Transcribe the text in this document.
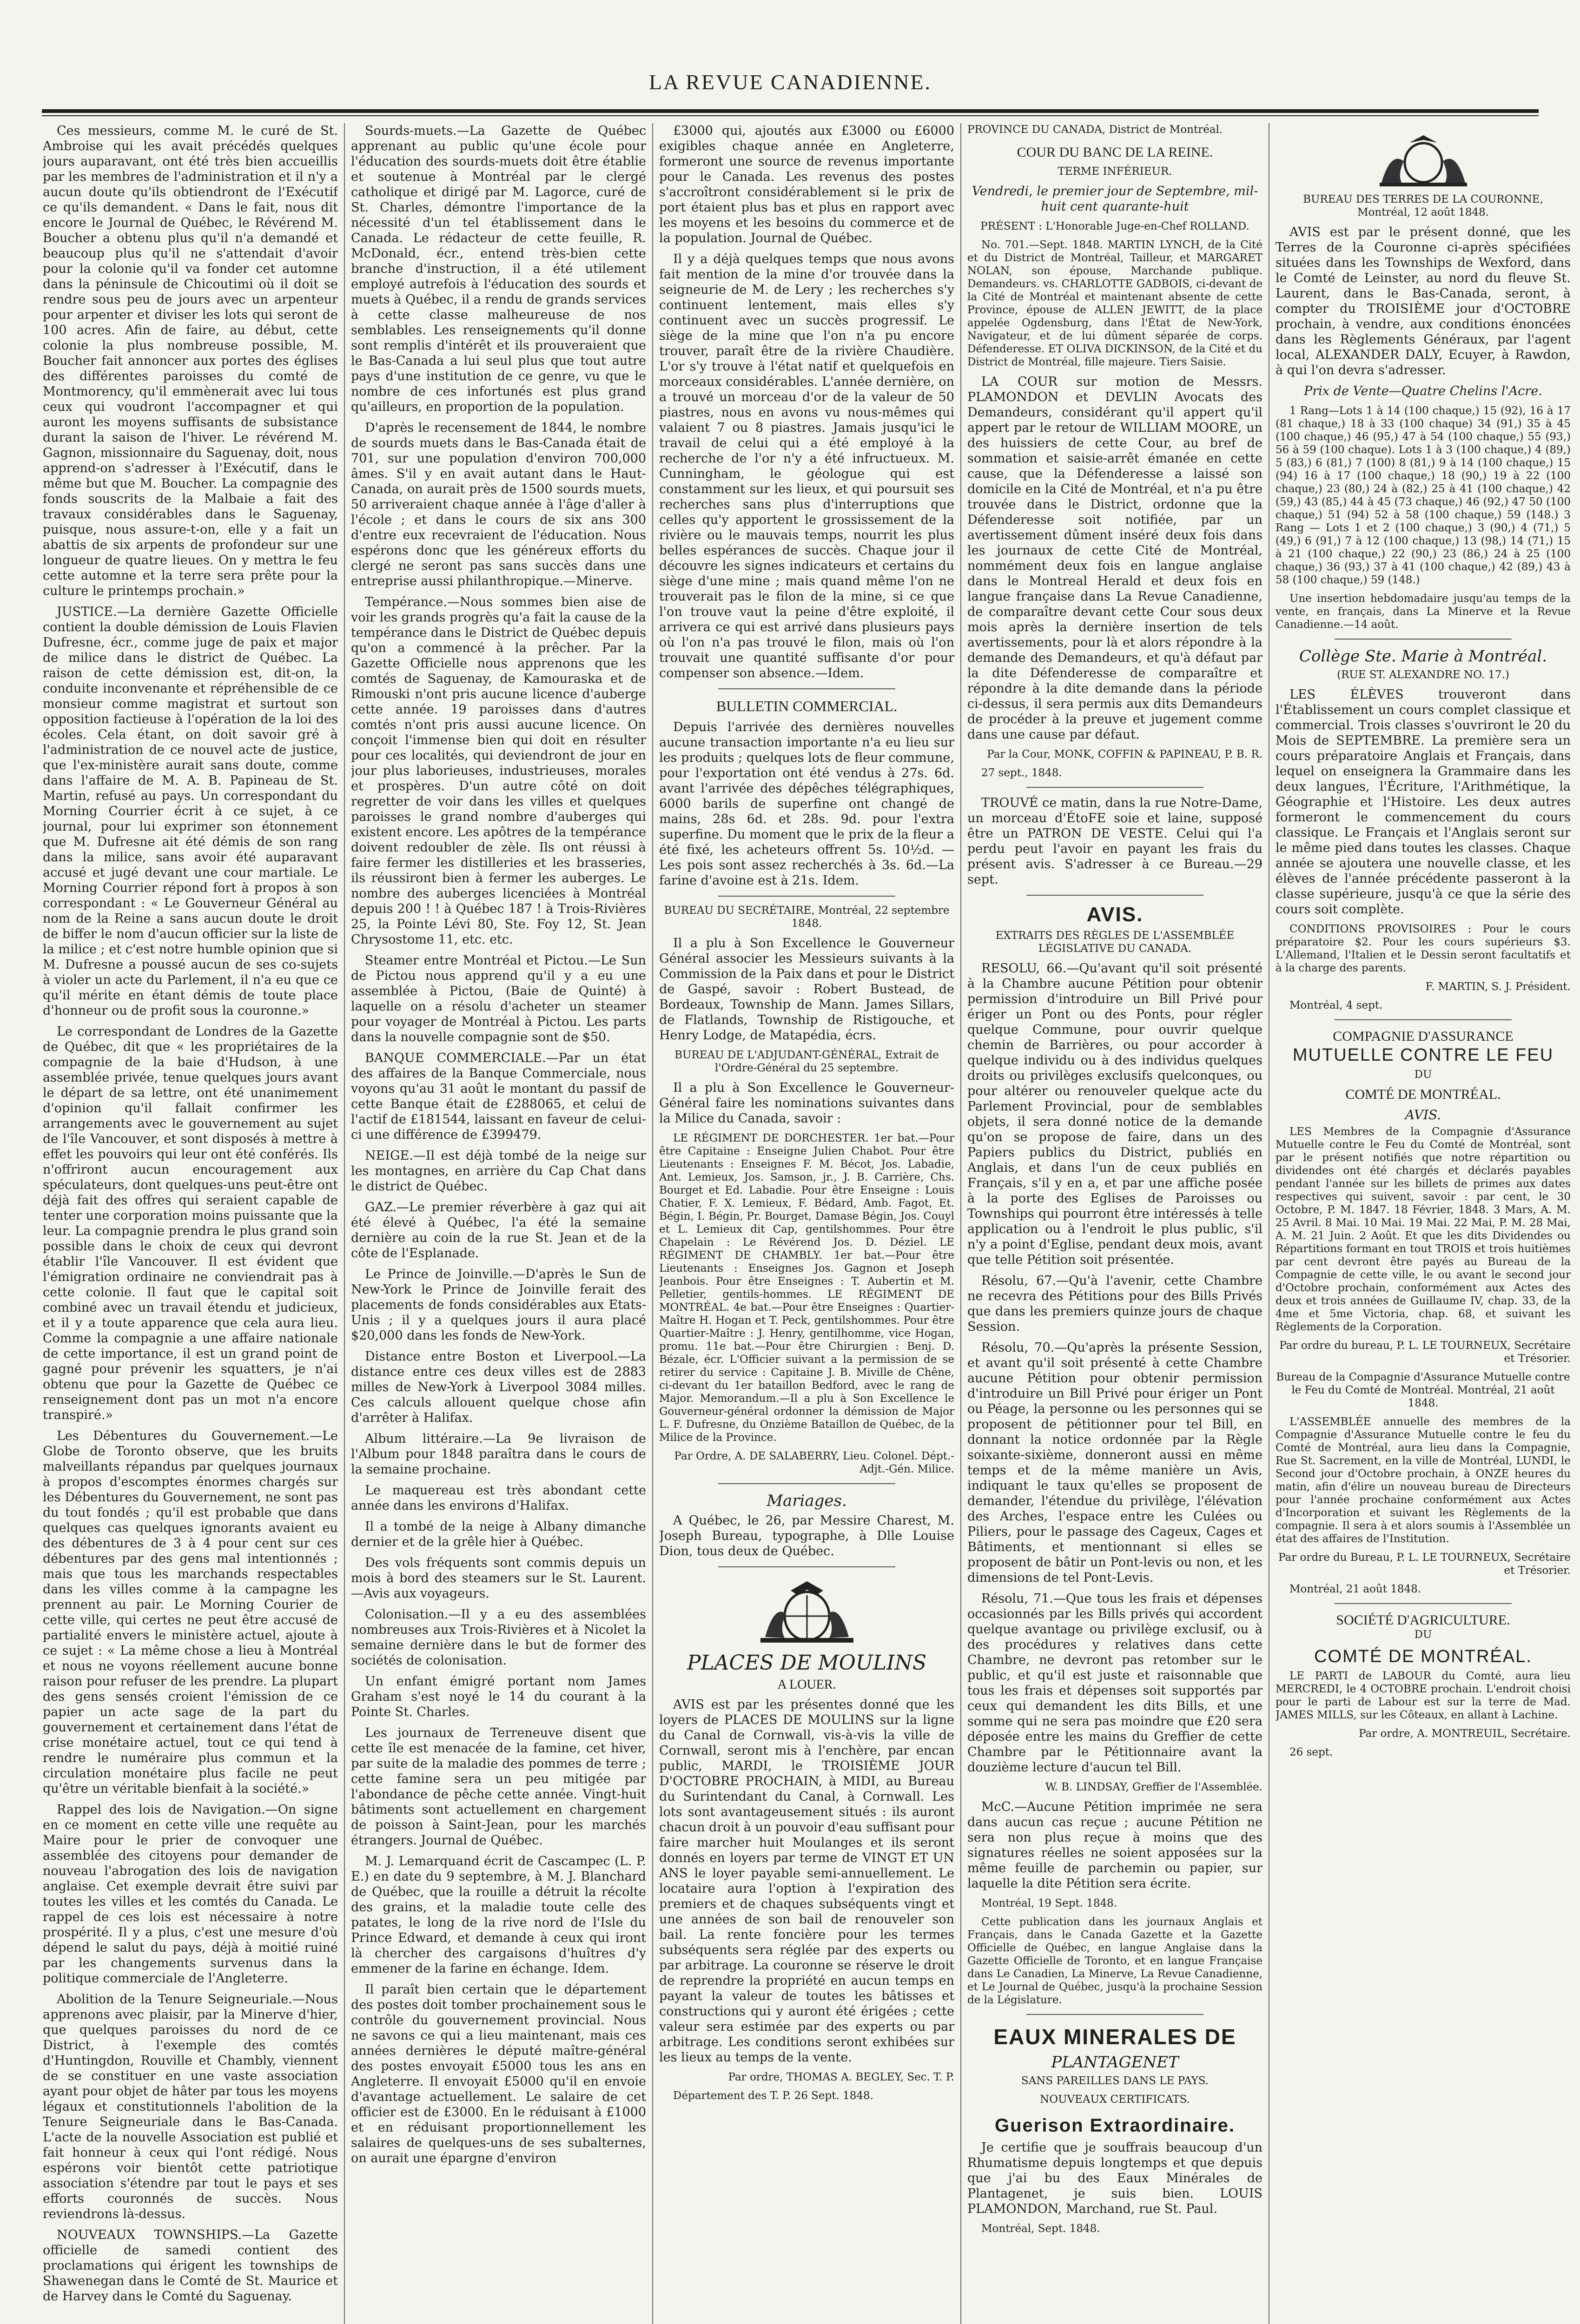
LA REVUE CANADIENNE.

Ces messieurs, comme M. le curé de St. Ambroise qui les avait précédés quelques jours auparavant, ont été très bien accueillis par les membres de l'administration et il n'y a aucun doute qu'ils obtiendront de l'Exécutif ce qu'ils demandent. « Dans le fait, nous dit encore le Journal de Québec, le Révérend M. Boucher a obtenu plus qu'il n'a demandé et beaucoup plus qu'il ne s'attendait d'avoir pour la colonie qu'il va fonder cet automne dans la péninsule de Chicoutimi où il doit se rendre sous peu de jours avec un arpenteur pour arpenter et diviser les lots qui seront de 100 acres. Afin de faire, au début, cette colonie la plus nombreuse possible, M. Boucher fait annoncer aux portes des églises des différentes paroisses du comté de Montmorency, qu'il emmènerait avec lui tous ceux qui voudront l'accompagner et qui auront les moyens suffisants de subsistance durant la saison de l'hiver. Le révérend M. Gagnon, missionnaire du Saguenay, doit, nous apprend-on s'adresser à l'Exécutif, dans le même but que M. Boucher. La compagnie des fonds souscrits de la Malbaie a fait des travaux considérables dans le Saguenay, puisque, nous assure-t-on, elle y a fait un abattis de six arpents de profondeur sur une longueur de quatre lieues. On y mettra le feu cette automne et la terre sera prête pour la culture le printemps prochain.»

JUSTICE.—La dernière Gazette Officielle contient la double démission de Louis Flavien Dufresne, écr., comme juge de paix et major de milice dans le district de Québec. La raison de cette démission est, dit-on, la conduite inconvenante et répréhensible de ce monsieur comme magistrat et surtout son opposition factieuse à l'opération de la loi des écoles. Cela étant, on doit savoir gré à l'administration de ce nouvel acte de justice, que l'ex-ministère aurait sans doute, comme dans l'affaire de M. A. B. Papineau de St. Martin, refusé au pays. Un correspondant du Morning Courrier écrit à ce sujet, à ce journal, pour lui exprimer son étonnement que M. Dufresne ait été démis de son rang dans la milice, sans avoir été auparavant accusé et jugé devant une cour martiale. Le Morning Courrier répond fort à propos à son correspondant : « Le Gouverneur Général au nom de la Reine a sans aucun doute le droit de biffer le nom d'aucun officier sur la liste de la milice ; et c'est notre humble opinion que si M. Dufresne a poussé aucun de ses co-sujets à violer un acte du Parlement, il n'a eu que ce qu'il mérite en étant démis de toute place d'honneur ou de profit sous la couronne.»

Le correspondant de Londres de la Gazette de Québec, dit que « les propriétaires de la compagnie de la baie d'Hudson, à une assemblée privée, tenue quelques jours avant le départ de sa lettre, ont été unanimement d'opinion qu'il fallait confirmer les arrangements avec le gouvernement au sujet de l'île Vancouver, et sont disposés à mettre à effet les pouvoirs qui leur ont été conférés. Ils n'offriront aucun encouragement aux spéculateurs, dont quelques-uns peut-être ont déjà fait des offres qui seraient capable de tenter une corporation moins puissante que la leur. La compagnie prendra le plus grand soin possible dans le choix de ceux qui devront établir l'île Vancouver. Il est évident que l'émigration ordinaire ne conviendrait pas à cette colonie. Il faut que le capital soit combiné avec un travail étendu et judicieux, et il y a toute apparence que cela aura lieu. Comme la compagnie a une affaire nationale de cette importance, il est un grand point de gagné pour prévenir les squatters, je n'ai obtenu que pour la Gazette de Québec ce renseignement dont pas un mot n'a encore transpiré.»

Les Débentures du Gouvernement.—Le Globe de Toronto observe, que les bruits malveillants répandus par quelques journaux à propos d'escomptes énormes chargés sur les Débentures du Gouvernement, ne sont pas du tout fondés ; qu'il est probable que dans quelques cas quelques ignorants avaient eu des débentures de 3 à 4 pour cent sur ces débentures par des gens mal intentionnés ; mais que tous les marchands respectables dans les villes comme à la campagne les prennent au pair. Le Morning Courier de cette ville, qui certes ne peut être accusé de partialité envers le ministère actuel, ajoute à ce sujet : « La même chose a lieu à Montréal et nous ne voyons réellement aucune bonne raison pour refuser de les prendre. La plupart des gens sensés croient l'émission de ce papier un acte sage de la part du gouvernement et certainement dans l'état de crise monétaire actuel, tout ce qui tend à rendre le numéraire plus commun et la circulation monétaire plus facile ne peut qu'être un véritable bienfait à la société.»

Rappel des lois de Navigation.—On signe en ce moment en cette ville une requête au Maire pour le prier de convoquer une assemblée des citoyens pour demander de nouveau l'abrogation des lois de navigation anglaise. Cet exemple devrait être suivi par toutes les villes et les comtés du Canada. Le rappel de ces lois est nécessaire à notre prospérité. Il y a plus, c'est une mesure d'où dépend le salut du pays, déjà à moitié ruiné par les changements survenus dans la politique commerciale de l'Angleterre.

Abolition de la Tenure Seigneuriale.—Nous apprenons avec plaisir, par la Minerve d'hier, que quelques paroisses du nord de ce District, à l'exemple des comtés d'Huntingdon, Rouville et Chambly, viennent de se constituer en une vaste association ayant pour objet de hâter par tous les moyens légaux et constitutionnels l'abolition de la Tenure Seigneuriale dans le Bas-Canada. L'acte de la nouvelle Association est publié et fait honneur à ceux qui l'ont rédigé. Nous espérons voir bientôt cette patriotique association s'étendre par tout le pays et ses efforts couronnés de succès. Nous reviendrons là-dessus.

NOUVEAUX TOWNSHIPS.—La Gazette officielle de samedi contient des proclamations qui érigent les townships de Shawenegan dans le Comté de St. Maurice et de Harvey dans le Comté du Saguenay.

Sourds-muets.—La Gazette de Québec apprenant au public qu'une école pour l'éducation des sourds-muets doit être établie et soutenue à Montréal par le clergé catholique et dirigé par M. Lagorce, curé de St. Charles, démontre l'importance de la nécessité d'un tel établissement dans le Canada. Le rédacteur de cette feuille, R. McDonald, écr., entend très-bien cette branche d'instruction, il a été utilement employé autrefois à l'éducation des sourds et muets à Québec, il a rendu de grands services à cette classe malheureuse de nos semblables. Les renseignements qu'il donne sont remplis d'intérêt et ils prouveraient que le Bas-Canada a lui seul plus que tout autre pays d'une institution de ce genre, vu que le nombre de ces infortunés est plus grand qu'ailleurs, en proportion de la population.

D'après le recensement de 1844, le nombre de sourds muets dans le Bas-Canada était de 701, sur une population d'environ 700,000 âmes. S'il y en avait autant dans le Haut-Canada, on aurait près de 1500 sourds muets, 50 arriveraient chaque année à l'âge d'aller à l'école ; et dans le cours de six ans 300 d'entre eux recevraient de l'éducation. Nous espérons donc que les généreux efforts du clergé ne seront pas sans succès dans une entreprise aussi philanthropique.—Minerve.

Tempérance.—Nous sommes bien aise de voir les grands progrès qu'a fait la cause de la tempérance dans le District de Québec depuis qu'on a commencé à la prêcher. Par la Gazette Officielle nous apprenons que les comtés de Saguenay, de Kamouraska et de Rimouski n'ont pris aucune licence d'auberge cette année. 19 paroisses dans d'autres comtés n'ont pris aussi aucune licence. On conçoit l'immense bien qui doit en résulter pour ces localités, qui deviendront de jour en jour plus laborieuses, industrieuses, morales et prospères. D'un autre côté on doit regretter de voir dans les villes et quelques paroisses le grand nombre d'auberges qui existent encore. Les apôtres de la tempérance doivent redoubler de zèle. Ils ont réussi à faire fermer les distilleries et les brasseries, ils réussiront bien à fermer les auberges. Le nombre des auberges licenciées à Montréal depuis 200 ! ! à Québec 187 ! à Trois-Rivières 25, la Pointe Lévi 80, Ste. Foy 12, St. Jean Chrysostome 11, etc. etc.

Steamer entre Montréal et Pictou.—Le Sun de Pictou nous apprend qu'il y a eu une assemblée à Pictou, (Baie de Quinté) à laquelle on a résolu d'acheter un steamer pour voyager de Montréal à Pictou. Les parts dans la nouvelle compagnie sont de $50.

BANQUE COMMERCIALE.—Par un état des affaires de la Banque Commerciale, nous voyons qu'au 31 août le montant du passif de cette Banque était de £288065, et celui de l'actif de £181544, laissant en faveur de celui-ci une différence de £399479.

NEIGE.—Il est déjà tombé de la neige sur les montagnes, en arrière du Cap Chat dans le district de Québec.

GAZ.—Le premier réverbère à gaz qui ait été élevé à Québec, l'a été la semaine dernière au coin de la rue St. Jean et de la côte de l'Esplanade.

Le Prince de Joinville.—D'après le Sun de New-York le Prince de Joinville ferait des placements de fonds considérables aux Etats-Unis ; il y a quelques jours il aura placé $20,000 dans les fonds de New-York.

Distance entre Boston et Liverpool.—La distance entre ces deux villes est de 2883 milles de New-York à Liverpool 3084 milles. Ces calculs allouent quelque chose afin d'arrêter à Halifax.

Album littéraire.—La 9e livraison de l'Album pour 1848 paraîtra dans le cours de la semaine prochaine.

Le maquereau est très abondant cette année dans les environs d'Halifax.

Il a tombé de la neige à Albany dimanche dernier et de la grêle hier à Québec.

Des vols fréquents sont commis depuis un mois à bord des steamers sur le St. Laurent.—Avis aux voyageurs.

Colonisation.—Il y a eu des assemblées nombreuses aux Trois-Rivières et à Nicolet la semaine dernière dans le but de former des sociétés de colonisation.

Un enfant émigré portant nom James Graham s'est noyé le 14 du courant à la Pointe St. Charles.

Les journaux de Terreneuve disent que cette île est menacée de la famine, cet hiver, par suite de la maladie des pommes de terre ; cette famine sera un peu mitigée par l'abondance de pêche cette année. Vingt-huit bâtiments sont actuellement en chargement de poisson à Saint-Jean, pour les marchés étrangers. Journal de Québec.

M. J. Lemarquand écrit de Cascampec (L. P. E.) en date du 9 septembre, à M. J. Blanchard de Québec, que la rouille a détruit la récolte des grains, et la maladie toute celle des patates, le long de la rive nord de l'Isle du Prince Edward, et demande à ceux qui iront là chercher des cargaisons d'huîtres d'y emmener de la farine en échange. Idem.

Il paraît bien certain que le département des postes doit tomber prochainement sous le contrôle du gouvernement provincial. Nous ne savons ce qui a lieu maintenant, mais ces années dernières le député maître-général des postes envoyait £5000 tous les ans en Angleterre. Il envoyait £5000 qu'il en envoie d'avantage actuellement. Le salaire de cet officier est de £3000. En le réduisant à £1000 et en réduisant proportionnellement les salaires de quelques-uns de ses subalternes, on aurait une épargne d'environ

£3000 qui, ajoutés aux £3000 ou £6000 exigibles chaque année en Angleterre, formeront une source de revenus importante pour le Canada. Les revenus des postes s'accroîtront considérablement si le prix de port étaient plus bas et plus en rapport avec les moyens et les besoins du commerce et de la population. Journal de Québec.

Il y a déjà quelques temps que nous avons fait mention de la mine d'or trouvée dans la seigneurie de M. de Lery ; les recherches s'y continuent lentement, mais elles s'y continuent avec un succès progressif. Le siège de la mine que l'on n'a pu encore trouver, paraît être de la rivière Chaudière. L'or s'y trouve à l'état natif et quelquefois en morceaux considérables. L'année dernière, on a trouvé un morceau d'or de la valeur de 50 piastres, nous en avons vu nous-mêmes qui valaient 7 ou 8 piastres. Jamais jusqu'ici le travail de celui qui a été employé à la recherche de l'or n'y a été infructueux. M. Cunningham, le géologue qui est constamment sur les lieux, et qui poursuit ses recherches sans plus d'interruptions que celles qu'y apportent le grossissement de la rivière ou le mauvais temps, nourrit les plus belles espérances de succès. Chaque jour il découvre les signes indicateurs et certains du siège d'une mine ; mais quand même l'on ne trouverait pas le filon de la mine, si ce que l'on trouve vaut la peine d'être exploité, il arrivera ce qui est arrivé dans plusieurs pays où l'on n'a pas trouvé le filon, mais où l'on trouvait une quantité suffisante d'or pour compenser son absence.—Idem.

BULLETIN COMMERCIAL.

Depuis l'arrivée des dernières nouvelles aucune transaction importante n'a eu lieu sur les produits ; quelques lots de fleur commune, pour l'exportation ont été vendus à 27s. 6d. avant l'arrivée des dépêches télégraphiques, 6000 barils de superfine ont changé de mains, 28s 6d. et 28s. 9d. pour l'extra superfine. Du moment que le prix de la fleur a été fixé, les acheteurs offrent 5s. 10½d. — Les pois sont assez recherchés à 3s. 6d.—La farine d'avoine est à 21s. Idem.

BUREAU DU SECRÉTAIRE, Montréal, 22 septembre 1848.

Il a plu à Son Excellence le Gouverneur Général associer les Messieurs suivants à la Commission de la Paix dans et pour le District de Gaspé, savoir : Robert Bustead, de Bordeaux, Township de Mann. James Sillars, de Flatlands, Township de Ristigouche, et Henry Lodge, de Matapédia, écrs.

BUREAU DE L'ADJUDANT-GÉNÉRAL, Extrait de l'Ordre-Général du 25 septembre.

Il a plu à Son Excellence le Gouverneur-Général faire les nominations suivantes dans la Milice du Canada, savoir :

LE RÉGIMENT DE DORCHESTER. 1er bat.—Pour être Capitaine : Enseigne Julien Chabot. Pour être Lieutenants : Enseignes F. M. Bécot, Jos. Labadie, Ant. Lemieux, Jos. Samson, jr., J. B. Carrière, Chs. Bourget et Ed. Labadie. Pour être Enseigne : Louis Chatier, F. X. Lemieux, F. Bédard, Amb. Fagot, Et. Bégin, I. Bégin, Pr. Bourget, Damase Bégin, Jos. Couyl et L. Lemieux dit Cap, gentilshommes. Pour être Chapelain : Le Révérend Jos. D. Déziel. LE RÉGIMENT DE CHAMBLY. 1er bat.—Pour être Lieutenants : Enseignes Jos. Gagnon et Joseph Jeanbois. Pour être Enseignes : T. Aubertin et M. Pelletier, gentils-hommes. LE RÉGIMENT DE MONTRÉAL. 4e bat.—Pour être Enseignes : Quartier-Maître H. Hogan et T. Peck, gentilshommes. Pour être Quartier-Maître : J. Henry, gentilhomme, vice Hogan, promu. 11e bat.—Pour être Chirurgien : Benj. D. Bézale, écr. L'Officier suivant a la permission de se retirer du service : Capitaine J. B. Miville de Chêne, ci-devant du 1er bataillon Bedford, avec le rang de Major. Memorandum.—Il a plu à Son Excellence le Gouverneur-général ordonner la démission de Major L. F. Dufresne, du Onzième Bataillon de Québec, de la Milice de la Province.

Par Ordre, A. DE SALABERRY, Lieu. Colonel. Dépt.-Adjt.-Gén. Milice.

Mariages.

A Québec, le 26, par Messire Charest, M. Joseph Bureau, typographe, à Dlle Louise Dion, tous deux de Québec.

PLACES DE MOULINS
A LOUER.

AVIS est par les présentes donné que les loyers de PLACES DE MOULINS sur la ligne du Canal de Cornwall, vis-à-vis la ville de Cornwall, seront mis à l'enchère, par encan public, MARDI, le TROISIÈME JOUR D'OCTOBRE PROCHAIN, à MIDI, au Bureau du Surintendant du Canal, à Cornwall. Les lots sont avantageusement situés : ils auront chacun droit à un pouvoir d'eau suffisant pour faire marcher huit Moulanges et ils seront donnés en loyers par terme de VINGT ET UN ANS le loyer payable semi-annuellement. Le locataire aura l'option à l'expiration des premiers et de chaques subséquents vingt et une années de son bail de renouveler son bail. La rente foncière pour les termes subséquents sera réglée par des experts ou par arbitrage. La couronne se réserve le droit de reprendre la propriété en aucun temps en payant la valeur de toutes les bâtisses et constructions qui y auront été érigées ; cette valeur sera estimée par des experts ou par arbitrage. Les conditions seront exhibées sur les lieux au temps de la vente.

Par ordre, THOMAS A. BEGLEY, Sec. T. P.

Département des T. P. 26 Sept. 1848.

PROVINCE DU CANADA, District de Montréal.

COUR DU BANC DE LA REINE.

TERME INFÉRIEUR.

Vendredi, le premier jour de Septembre, mil-huit cent quarante-huit

PRÉSENT : L'Honorable Juge-en-Chef ROLLAND.

No. 701.—Sept. 1848. MARTIN LYNCH, de la Cité et du District de Montréal, Tailleur, et MARGARET NOLAN, son épouse, Marchande publique. Demandeurs. vs. CHARLOTTE GADBOIS, ci-devant de la Cité de Montréal et maintenant absente de cette Province, épouse de ALLEN JEWITT, de la place appelée Ogdensburg, dans l'État de New-York, Navigateur, et de lui dûment séparée de corps. Défenderesse. ET OLIVA DICKINSON, de la Cité et du District de Montréal, fille majeure. Tiers Saisie.

LA COUR sur motion de Messrs. PLAMONDON et DEVLIN Avocats des Demandeurs, considérant qu'il appert qu'il appert par le retour de WILLIAM MOORE, un des huissiers de cette Cour, au bref de sommation et saisie-arrêt émanée en cette cause, que la Défenderesse a laissé son domicile en la Cité de Montréal, et n'a pu être trouvée dans le District, ordonne que la Défenderesse soit notifiée, par un avertissement dûment inséré deux fois dans les journaux de cette Cité de Montréal, nommément deux fois en langue anglaise dans le Montreal Herald et deux fois en langue française dans La Revue Canadienne, de comparaître devant cette Cour sous deux mois après la dernière insertion de tels avertissements, pour là et alors répondre à la demande des Demandeurs, et qu'à défaut par la dite Défenderesse de comparaître et répondre à la dite demande dans la période ci-dessus, il sera permis aux dits Demandeurs de procéder à la preuve et jugement comme dans une cause par défaut.

Par la Cour, MONK, COFFIN & PAPINEAU, P. B. R.

27 sept., 1848.

TROUVÉ ce matin, dans la rue Notre-Dame, un morceau d'ÉtoFE soie et laine, supposé être un PATRON DE VESTE. Celui qui l'a perdu peut l'avoir en payant les frais du présent avis. S'adresser à ce Bureau.—29 sept.

AVIS.

EXTRAITS DES RÈGLES DE L'ASSEMBLÉE LÉGISLATIVE DU CANADA.

RESOLU, 66.—Qu'avant qu'il soit présenté à la Chambre aucune Pétition pour obtenir permission d'introduire un Bill Privé pour ériger un Pont ou des Ponts, pour régler quelque Commune, pour ouvrir quelque chemin de Barrières, ou pour accorder à quelque individu ou à des individus quelques droits ou privilèges exclusifs quelconques, ou pour altérer ou renouveler quelque acte du Parlement Provincial, pour de semblables objets, il sera donné notice de la demande qu'on se propose de faire, dans un des Papiers publics du District, publiés en Anglais, et dans l'un de ceux publiés en Français, s'il y en a, et par une affiche posée à la porte des Eglises de Paroisses ou Townships qui pourront être intéressés à telle application ou à l'endroit le plus public, s'il n'y a point d'Eglise, pendant deux mois, avant que telle Pétition soit présentée.

Résolu, 67.—Qu'à l'avenir, cette Chambre ne recevra des Pétitions pour des Bills Privés que dans les premiers quinze jours de chaque Session.

Résolu, 70.—Qu'après la présente Session, et avant qu'il soit présenté à cette Chambre aucune Pétition pour obtenir permission d'introduire un Bill Privé pour ériger un Pont ou Péage, la personne ou les personnes qui se proposent de pétitionner pour tel Bill, en donnant la notice ordonnée par la Règle soixante-sixième, donneront aussi en même temps et de la même manière un Avis, indiquant le taux qu'elles se proposent de demander, l'étendue du privilège, l'élévation des Arches, l'espace entre les Culées ou Piliers, pour le passage des Cageux, Cages et Bâtiments, et mentionnant si elles se proposent de bâtir un Pont-levis ou non, et les dimensions de tel Pont-Levis.

Résolu, 71.—Que tous les frais et dépenses occasionnés par les Bills privés qui accordent quelque avantage ou privilège exclusif, ou à des procédures y relatives dans cette Chambre, ne devront pas retomber sur le public, et qu'il est juste et raisonnable que tous les frais et dépenses soit supportés par ceux qui demandent les dits Bills, et une somme qui ne sera pas moindre que £20 sera déposée entre les mains du Greffier de cette Chambre par le Pétitionnaire avant la douzième lecture d'aucun tel Bill.

W. B. LINDSAY, Greffier de l'Assemblée.

McC.—Aucune Pétition imprimée ne sera dans aucun cas reçue ; aucune Pétition ne sera non plus reçue à moins que des signatures réelles ne soient apposées sur la même feuille de parchemin ou papier, sur laquelle la dite Pétition sera écrite.

Montréal, 19 Sept. 1848.

Cette publication dans les journaux Anglais et Français, dans le Canada Gazette et la Gazette Officielle de Québec, en langue Anglaise dans la Gazette Officielle de Toronto, et en langue Française dans Le Canadien, La Minerve, La Revue Canadienne, et Le Journal de Québec, jusqu'à la prochaine Session de la Législature.

EAUX MINERALES DE
PLANTAGENET

SANS PAREILLES DANS LE PAYS.

NOUVEAUX CERTIFICATS.

Guerison Extraordinaire.

Je certifie que je souffrais beaucoup d'un Rhumatisme depuis longtemps et que depuis que j'ai bu des Eaux Minérales de Plantagenet, je suis bien. LOUIS PLAMONDON, Marchand, rue St. Paul.

Montréal, Sept. 1848.

BUREAU DES TERRES DE LA COURONNE, Montréal, 12 août 1848.

AVIS est par le présent donné, que les Terres de la Couronne ci-après spécifiées situées dans les Townships de Wexford, dans le Comté de Leinster, au nord du fleuve St. Laurent, dans le Bas-Canada, seront, à compter du TROISIÈME jour d'OCTOBRE prochain, à vendre, aux conditions énoncées dans les Règlements Généraux, par l'agent local, ALEXANDER DALY, Ecuyer, à Rawdon, à qui l'on devra s'adresser.

Prix de Vente—Quatre Chelins l'Acre.

1 Rang—Lots 1 à 14 (100 chaque,) 15 (92), 16 à 17 (81 chaque,) 18 à 33 (100 chaque) 34 (91,) 35 à 45 (100 chaque,) 46 (95,) 47 à 54 (100 chaque,) 55 (93,) 56 à 59 (100 chaque). Lots 1 à 3 (100 chaque,) 4 (89,) 5 (83,) 6 (81,) 7 (100) 8 (81,) 9 à 14 (100 chaque,) 15 (94) 16 à 17 (100 chaque,) 18 (90,) 19 à 22 (100 chaque,) 23 (80,) 24 à (82,) 25 à 41 (100 chaque,) 42 (59,) 43 (85,) 44 à 45 (73 chaque,) 46 (92,) 47 50 (100 chaque,) 51 (94) 52 à 58 (100 chaque,) 59 (148.) 3 Rang — Lots 1 et 2 (100 chaque,) 3 (90,) 4 (71,) 5 (49,) 6 (91,) 7 à 12 (100 chaque,) 13 (98,) 14 (71,) 15 à 21 (100 chaque,) 22 (90,) 23 (86,) 24 à 25 (100 chaque,) 36 (93,) 37 à 41 (100 chaque,) 42 (89,) 43 à 58 (100 chaque,) 59 (148.)

Une insertion hebdomadaire jusqu'au temps de la vente, en français, dans La Minerve et la Revue Canadienne.—14 août.

Collège Ste. Marie à Montréal.

(RUE ST. ALEXANDRE NO. 17.)

LES ÉLÈVES trouveront dans l'Établissement un cours complet classique et commercial. Trois classes s'ouvriront le 20 du Mois de SEPTEMBRE. La première sera un cours préparatoire Anglais et Français, dans lequel on enseignera la Grammaire dans les deux langues, l'Écriture, l'Arithmétique, la Géographie et l'Histoire. Les deux autres formeront le commencement du cours classique. Le Français et l'Anglais seront sur le même pied dans toutes les classes. Chaque année se ajoutera une nouvelle classe, et les élèves de l'année précédente passeront à la classe supérieure, jusqu'à ce que la série des cours soit complète.

CONDITIONS PROVISOIRES : Pour le cours préparatoire $2. Pour les cours supérieurs $3. L'Allemand, l'Italien et le Dessin seront facultatifs et à la charge des parents.

F. MARTIN, S. J. Président.

Montréal, 4 sept.

COMPAGNIE D'ASSURANCE
MUTUELLE CONTRE LE FEU

DU

COMTÉ DE MONTRÉAL.
AVIS.

LES Membres de la Compagnie d'Assurance Mutuelle contre le Feu du Comté de Montréal, sont par le présent notifiés que notre répartition ou dividendes ont été chargés et déclarés payables pendant l'année sur les billets de primes aux dates respectives qui suivent, savoir : par cent, le 30 Octobre, P. M. 1847. 18 Février, 1848. 3 Mars, A. M. 25 Avril. 8 Mai. 10 Mai. 19 Mai. 22 Mai, P. M. 28 Mai, A. M. 21 Juin. 2 Août. Et que les dits Dividendes ou Répartitions formant en tout TROIS et trois huitièmes par cent devront être payés au Bureau de la Compagnie de cette ville, le ou avant le second jour d'Octobre prochain, conformément aux Actes des deux et trois années de Guillaume IV, chap. 33, de la 4me et 5me Victoria, chap. 68, et suivant les Règlements de la Corporation.

Par ordre du bureau, P. L. LE TOURNEUX, Secrétaire et Trésorier.

Bureau de la Compagnie d'Assurance Mutuelle contre le Feu du Comté de Montréal. Montréal, 21 août 1848.

L'ASSEMBLÉE annuelle des membres de la Compagnie d'Assurance Mutuelle contre le feu du Comté de Montréal, aura lieu dans la Compagnie, Rue St. Sacrement, en la ville de Montréal, LUNDI, le Second jour d'Octobre prochain, à ONZE heures du matin, afin d'élire un nouveau bureau de Directeurs pour l'année prochaine conformément aux Actes d'Incorporation et suivant les Règlements de la compagnie. Il sera à et alors soumis à l'Assemblée un état des affaires de l'Institution.

Par ordre du Bureau, P. L. LE TOURNEUX, Secrétaire et Trésorier.

Montréal, 21 août 1848.

SOCIÉTÉ D'AGRICULTURE.

DU

COMTÉ DE MONTRÉAL.

LE PARTI de LABOUR du Comté, aura lieu MERCREDI, le 4 OCTOBRE prochain. L'endroit choisi pour le parti de Labour est sur la terre de Mad. JAMES MILLS, sur les Côteaux, en allant à Lachine.

Par ordre, A. MONTREUIL, Secrétaire.

26 sept.
